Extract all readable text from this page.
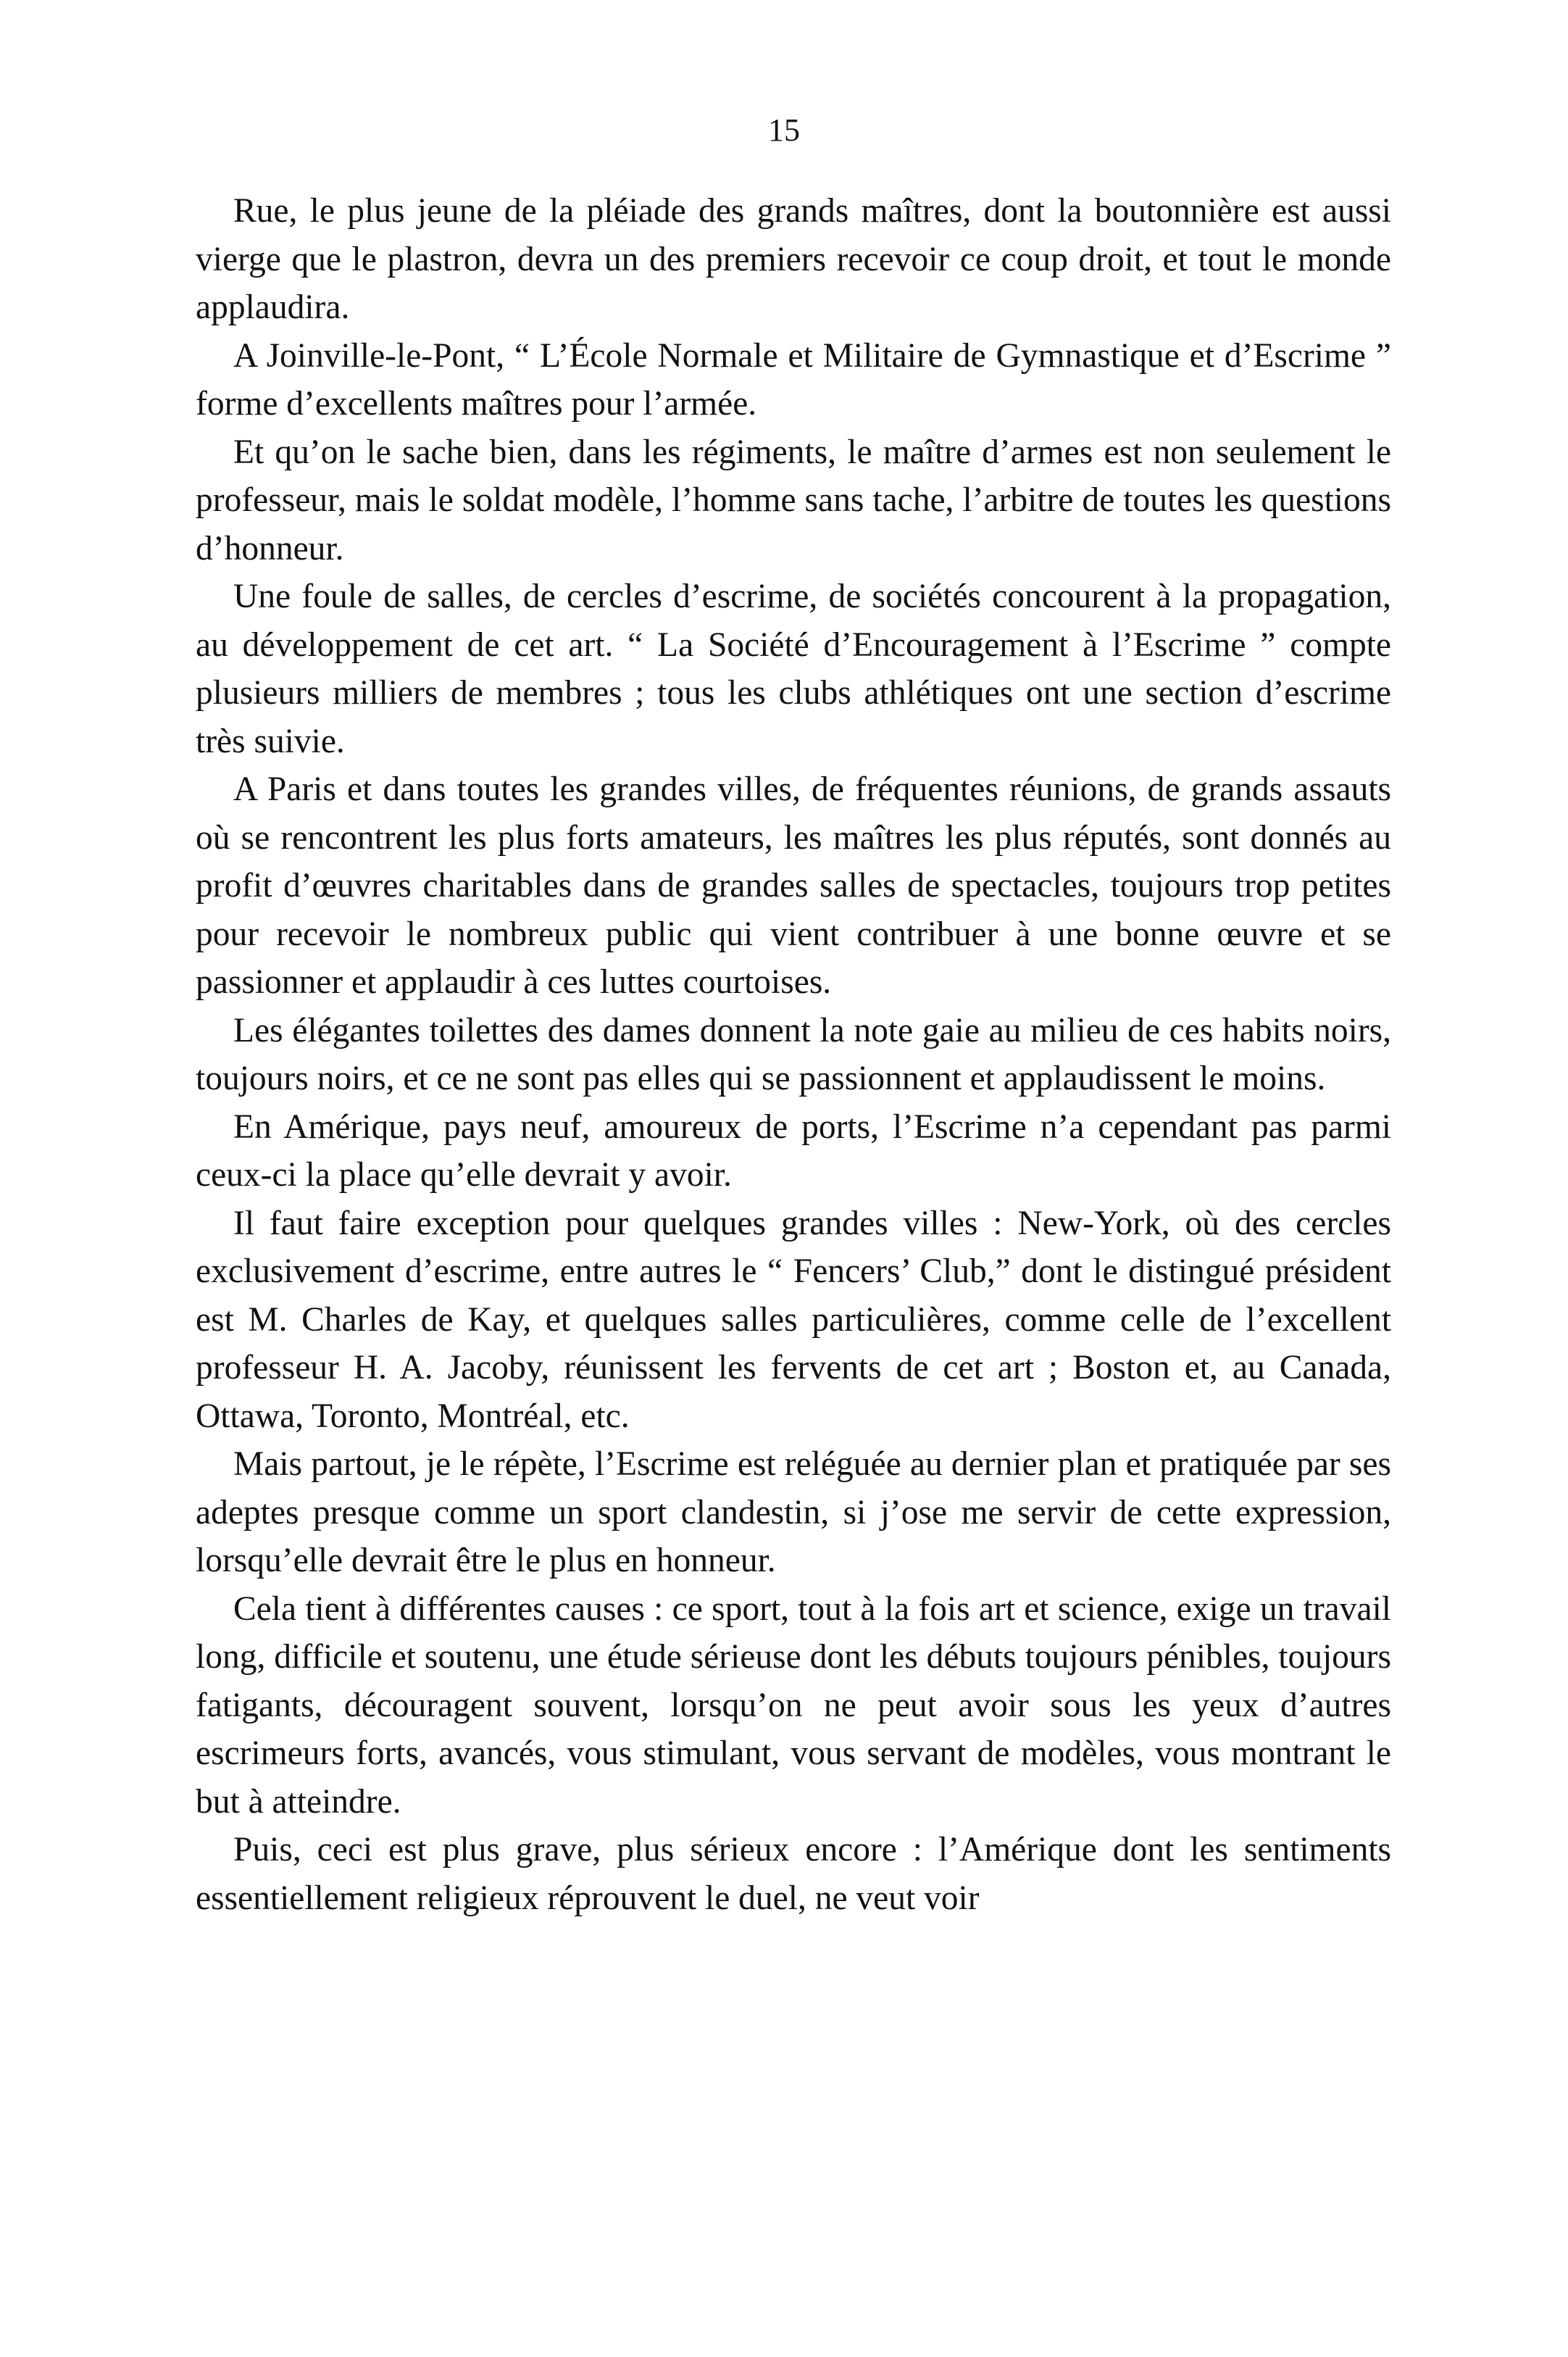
15

Rue, le plus jeune de la pléiade des grands maîtres, dont la boutonnière est aussi vierge que le plastron, devra un des premiers recevoir ce coup droit, et tout le monde applaudira.

A Joinville-le-Pont, “ L’École Normale et Militaire de Gymnastique et d’Escrime ” forme d’excellents maîtres pour l’armée.

Et qu’on le sache bien, dans les régiments, le maître d’armes est non seulement le professeur, mais le soldat modèle, l’homme sans tache, l’arbitre de toutes les questions d’honneur.

Une foule de salles, de cercles d’escrime, de sociétés concourent à la propagation, au développement de cet art. “ La Société d’Encouragement à l’Escrime ” compte plusieurs milliers de membres ; tous les clubs athlétiques ont une section d’escrime très suivie.

A Paris et dans toutes les grandes villes, de fréquentes réunions, de grands assauts où se rencontrent les plus forts amateurs, les maîtres les plus réputés, sont donnés au profit d’œuvres charitables dans de grandes salles de spectacles, toujours trop petites pour recevoir le nombreux public qui vient contribuer à une bonne œuvre et se passionner et applaudir à ces luttes courtoises.

Les élégantes toilettes des dames donnent la note gaie au milieu de ces habits noirs, toujours noirs, et ce ne sont pas elles qui se passionnent et applaudissent le moins.

En Amérique, pays neuf, amoureux de ports, l’Escrime n’a cependant pas parmi ceux-ci la place qu’elle devrait y avoir.

Il faut faire exception pour quelques grandes villes : New-York, où des cercles exclusivement d’escrime, entre autres le “ Fencers’ Club,” dont le distingué président est M. Charles de Kay, et quelques salles particulières, comme celle de l’excellent professeur H. A. Jacoby, réunissent les fervents de cet art ; Boston et, au Canada, Ottawa, Toronto, Montréal, etc.

Mais partout, je le répète, l’Escrime est reléguée au dernier plan et pratiquée par ses adeptes presque comme un sport clandestin, si j’ose me servir de cette expression, lorsqu’elle devrait être le plus en honneur.

Cela tient à différentes causes : ce sport, tout à la fois art et science, exige un travail long, difficile et soutenu, une étude sérieuse dont les débuts toujours pénibles, toujours fatigants, découragent souvent, lorsqu’on ne peut avoir sous les yeux d’autres escrimeurs forts, avancés, vous stimulant, vous servant de modèles, vous montrant le but à atteindre.

Puis, ceci est plus grave, plus sérieux encore : l’Amérique dont les sentiments essentiellement religieux réprouvent le duel, ne veut voir
